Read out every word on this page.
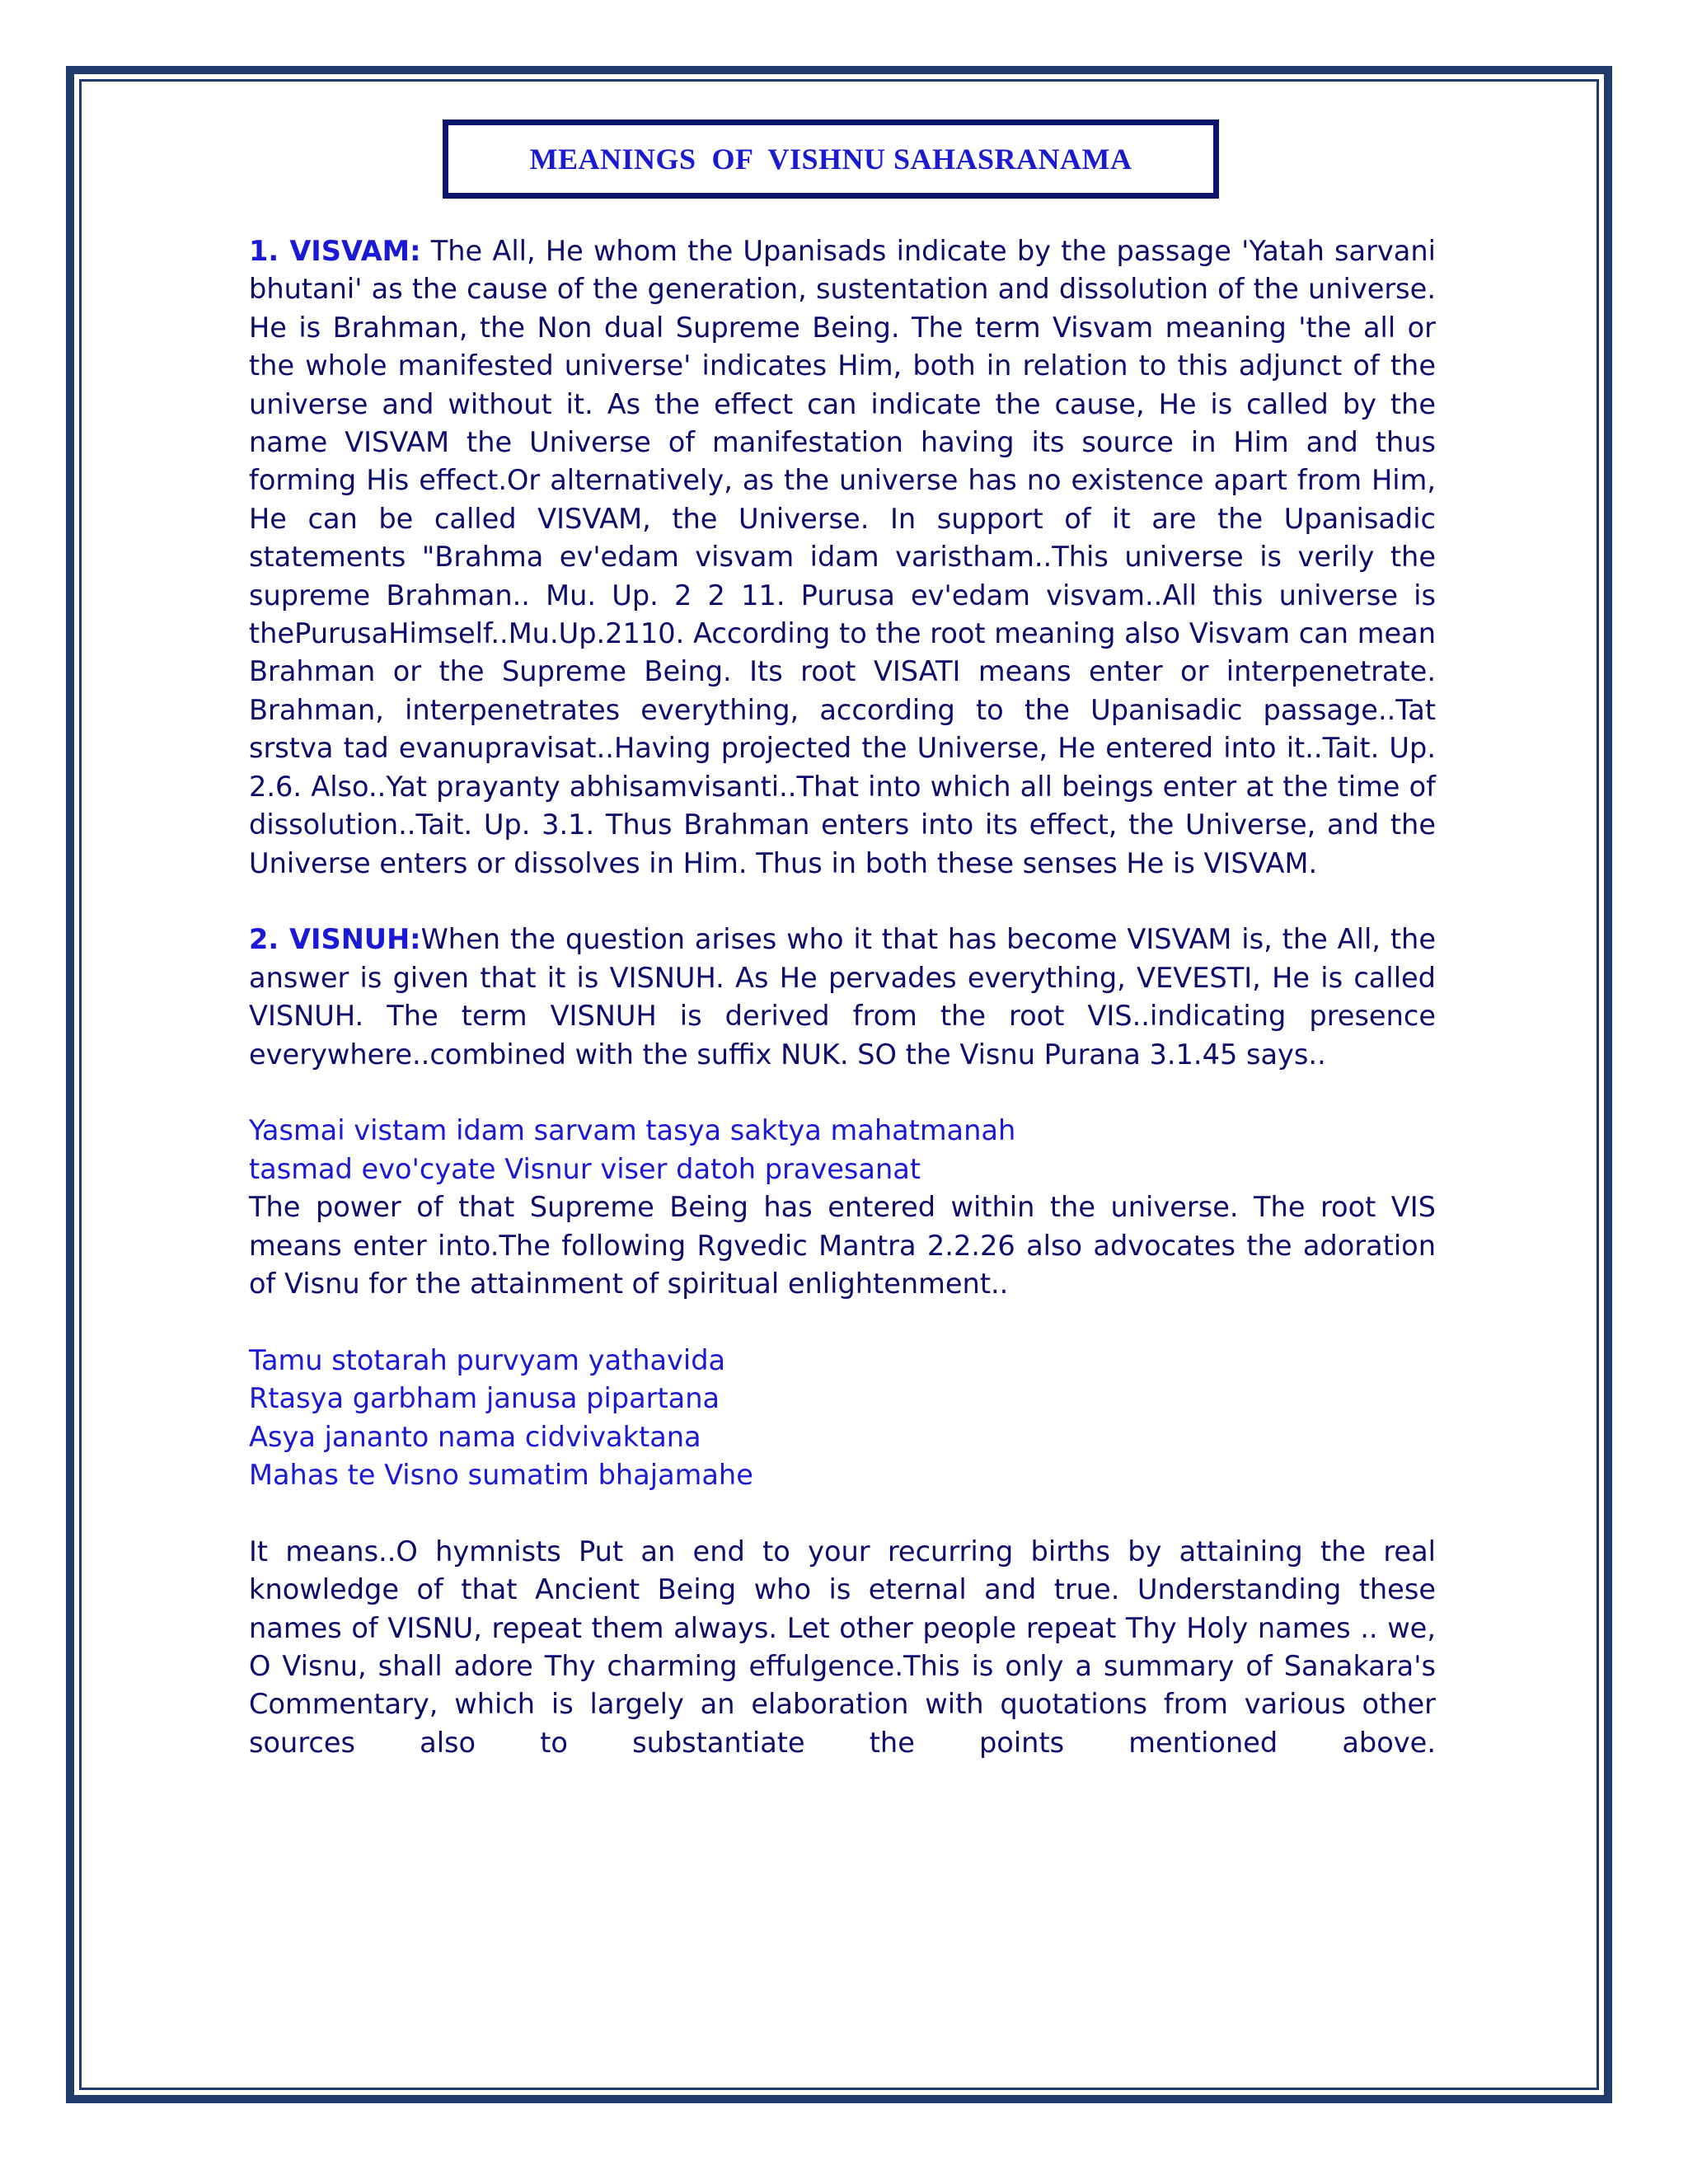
MEANINGS  OF  VISHNU SAHASRANAMA

1. VISVAM: The All, He whom the Upanisads indicate by the passage 'Yatah sarvani bhutani' as the cause of the generation, sustentation and dissolution of the universe. He is Brahman, the Non dual Supreme Being. The term Visvam meaning 'the all or the whole manifested universe' indicates Him, both in relation to this adjunct of the universe and without it. As the effect can indicate the cause, He is called by the name VISVAM the Universe of manifestation having its source in Him and thus forming His effect.Or alternatively, as the universe has no existence apart from Him, He can be called VISVAM, the Universe. In support of it are the Upanisadic statements "Brahma ev'edam visvam idam varistham..This universe is verily the supreme Brahman.. Mu. Up. 2 2 11. Purusa ev'edam visvam..All this universe is thePurusaHimself..Mu.Up.2110. According to the root meaning also Visvam can mean Brahman or the Supreme Being. Its root VISATI means enter or interpenetrate. Brahman, interpenetrates everything, according to the Upanisadic passage..Tat srstva tad evanupravisat..Having projected the Universe, He entered into it..Tait. Up. 2.6. Also..Yat prayanty abhisamvisanti..That into which all beings enter at the time of dissolution..Tait. Up. 3.1. Thus Brahman enters into its effect, the Universe, and the Universe enters or dissolves in Him. Thus in both these senses He is VISVAM.

2. VISNUH:When the question arises who it that has become VISVAM is, the All, the answer is given that it is VISNUH. As He pervades everything, VEVESTI, He is called VISNUH. The term VISNUH is derived from the root VIS..indicating presence everywhere..combined with the suffix NUK. SO the Visnu Purana 3.1.45 says..

Yasmai vistam idam sarvam tasya saktya mahatmanah

tasmad evo'cyate Visnur viser datoh pravesanat

The power of that Supreme Being has entered within the universe. The root VIS means enter into.The following Rgvedic Mantra 2.2.26 also advocates the adoration of Visnu for the attainment of spiritual enlightenment..

Tamu stotarah purvyam yathavida

Rtasya garbham janusa pipartana

Asya jananto nama cidvivaktana

Mahas te Visno sumatim bhajamahe

It means..O hymnists Put an end to your recurring births by attaining the real knowledge of that Ancient Being who is eternal and true. Understanding these names of VISNU, repeat them always. Let other people repeat Thy Holy names .. we, O Visnu, shall adore Thy charming effulgence.This is only a summary of Sanakara's Commentary, which is largely an elaboration with quotations from various other sources also to substantiate the points mentioned above.
